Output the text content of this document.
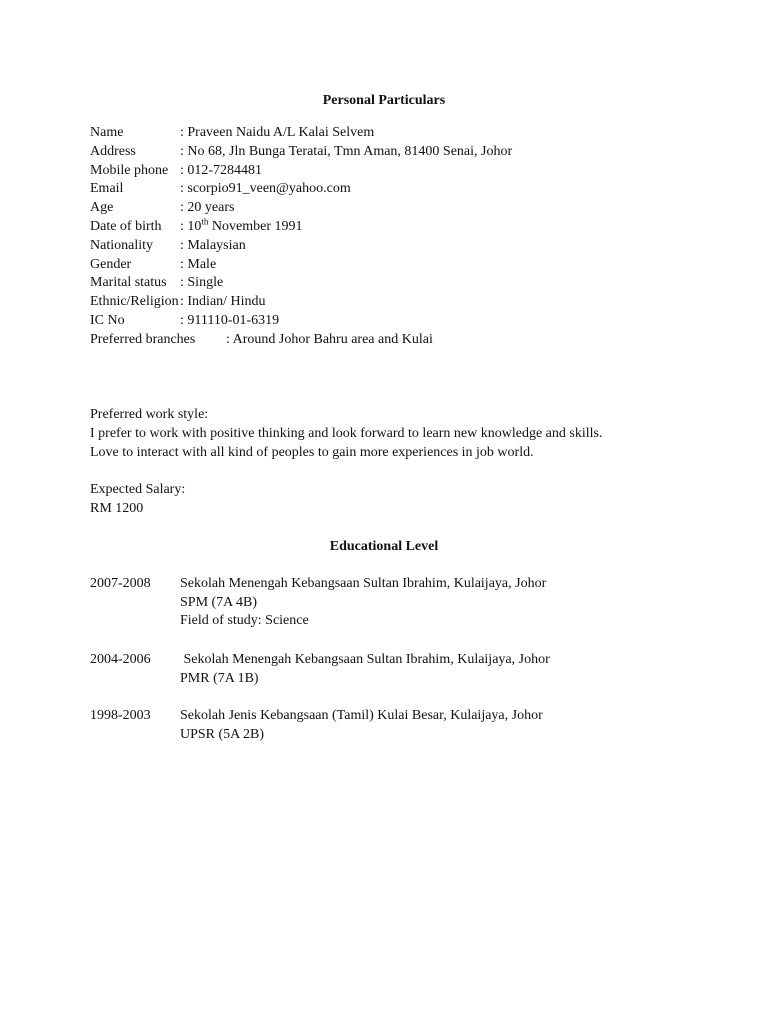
Personal Particulars
Name	: Praveen Naidu A/L Kalai Selvem
Address	: No 68, Jln Bunga Teratai, Tmn Aman, 81400 Senai, Johor
Mobile phone : 012-7284481
Email	: scorpio91_veen@yahoo.com
Age	: 20 years
Date of birth : 10th November 1991
Nationality : Malaysian
Gender	: Male
Marital status : Single
Ethnic/Religion : Indian/ Hindu
IC No	: 911110-01-6319
Preferred branches : Around Johor Bahru area and Kulai
Preferred work style:
I prefer to work with positive thinking and look forward to learn new knowledge and skills.
Love to interact with all kind of peoples to gain more experiences in job world.
Expected Salary:
RM 1200
Educational Level
2007-2008 Sekolah Menengah Kebangsaan Sultan Ibrahim, Kulaijaya, Johor
SPM (7A 4B)
Field of study: Science
2004-2006 Sekolah Menengah Kebangsaan Sultan Ibrahim, Kulaijaya, Johor
PMR (7A 1B)
1998-2003 Sekolah Jenis Kebangsaan (Tamil) Kulai Besar, Kulaijaya, Johor
UPSR (5A 2B)
